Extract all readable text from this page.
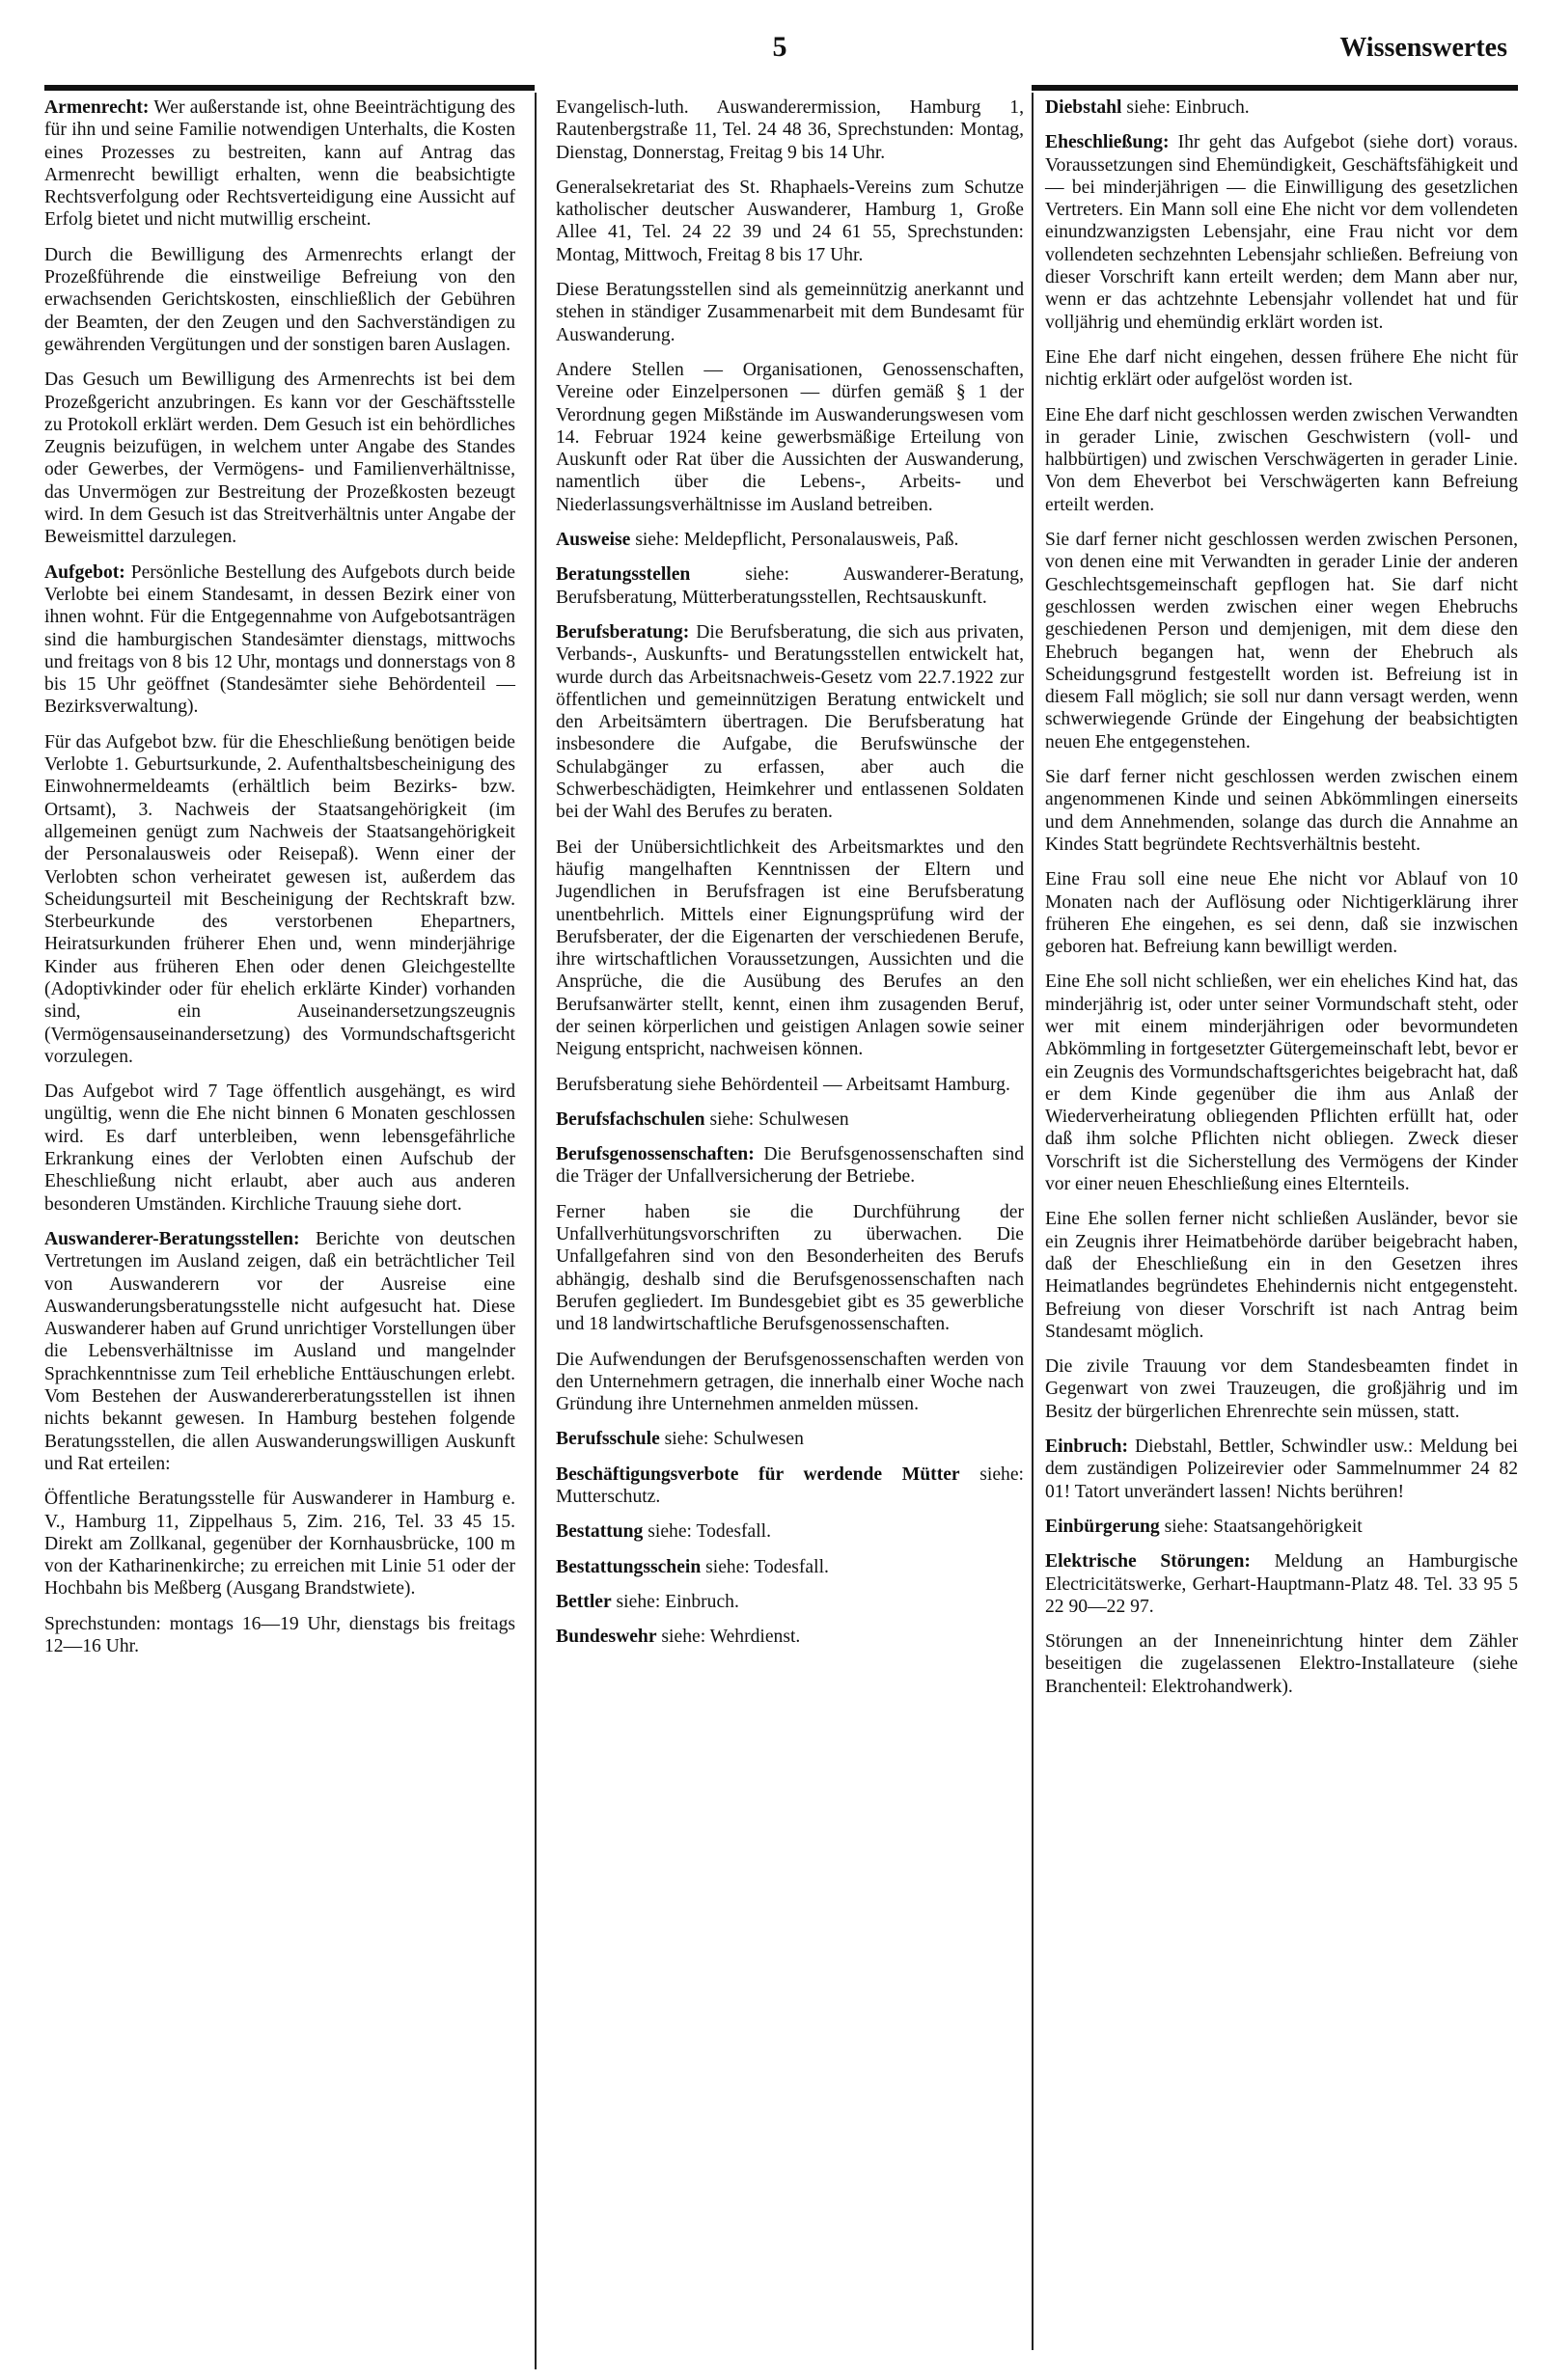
5	Wissenswertes

Armenrecht: Wer außerstande ist, ohne Beeinträchtigung des für ihn und seine Familie notwendigen Unterhalts, die Kosten eines Prozesses zu bestreiten, kann auf Antrag das Armenrecht bewilligt erhalten, wenn die beabsichtigte Rechtsverfolgung oder Rechtsverteidigung eine Aussicht auf Erfolg bietet und nicht mutwillig erscheint.

Durch die Bewilligung des Armenrechts erlangt der Prozeßführende die einstweilige Befreiung von den erwachsenden Gerichtskosten, einschließlich der Gebühren der Beamten, der den Zeugen und den Sachverständigen zu gewährenden Vergütungen und der sonstigen baren Auslagen.

Das Gesuch um Bewilligung des Armenrechts ist bei dem Prozeßgericht anzubringen. Es kann vor der Geschäftsstelle zu Protokoll erklärt werden. Dem Gesuch ist ein behördliches Zeugnis beizufügen, in welchem unter Angabe des Standes oder Gewerbes, der Vermögens- und Familienverhältnisse, das Unvermögen zur Bestreitung der Prozeßkosten bezeugt wird. In dem Gesuch ist das Streitverhältnis unter Angabe der Beweismittel darzulegen.

Aufgebot: Persönliche Bestellung des Aufgebots durch beide Verlobte bei einem Standesamt, in dessen Bezirk einer von ihnen wohnt. Für die Entgegennahme von Aufgebotsanträgen sind die hamburgischen Standesämter dienstags, mittwochs und freitags von 8 bis 12 Uhr, montags und donnerstags von 8 bis 15 Uhr geöffnet (Standesämter siehe Behördenteil — Bezirksverwaltung).

Für das Aufgebot bzw. für die Eheschließung benötigen beide Verlobte 1. Geburtsurkunde, 2. Aufenthaltsbescheinigung des Einwohnermeldeamts (erhältlich beim Bezirks- bzw. Ortsamt), 3. Nachweis der Staatsangehörigkeit (im allgemeinen genügt zum Nachweis der Staatsangehörigkeit der Personalausweis oder Reisepaß). Wenn einer der Verlobten schon verheiratet gewesen ist, außerdem das Scheidungsurteil mit Bescheinigung der Rechtskraft bzw. Sterbeurkunde des verstorbenen Ehepartners, Heiratsurkunden früherer Ehen und, wenn minderjährige Kinder aus früheren Ehen oder denen Gleichgestellte (Adoptivkinder oder für ehelich erklärte Kinder) vorhanden sind, ein Auseinandersetzungszeugnis (Vermögensauseinandersetzung) des Vormundschaftsgericht vorzulegen.

Das Aufgebot wird 7 Tage öffentlich ausgehängt, es wird ungültig, wenn die Ehe nicht binnen 6 Monaten geschlossen wird. Es darf unterbleiben, wenn lebensgefährliche Erkrankung eines der Verlobten einen Aufschub der Eheschließung nicht erlaubt, aber auch aus anderen besonderen Umständen. Kirchliche Trauung siehe dort.

Auswanderer-Beratungsstellen: Berichte von deutschen Vertretungen im Ausland zeigen, daß ein beträchtlicher Teil von Auswanderern vor der Ausreise eine Auswanderungsberatungsstelle nicht aufgesucht hat. Diese Auswanderer haben auf Grund unrichtiger Vorstellungen über die Lebensverhältnisse im Ausland und mangelnder Sprachkenntnisse zum Teil erhebliche Enttäuschungen erlebt. Vom Bestehen der Auswandererberatungsstellen ist ihnen nichts bekannt gewesen. In Hamburg bestehen folgende Beratungsstellen, die allen Auswanderungswilligen Auskunft und Rat erteilen:

Öffentliche Beratungsstelle für Auswanderer in Hamburg e. V., Hamburg 11, Zippelhaus 5, Zim. 216, Tel. 33 45 15. Direkt am Zollkanal, gegenüber der Kornhausbrücke, 100 m von der Katharinenkirche; zu erreichen mit Linie 51 oder der Hochbahn bis Meßberg (Ausgang Brandstwiete).

Sprechstunden: montags 16—19 Uhr, dienstags bis freitags 12—16 Uhr.

Evangelisch-luth. Auswanderermission, Hamburg 1, Rautenbergstraße 11, Tel. 24 48 36, Sprechstunden: Montag, Dienstag, Donnerstag, Freitag 9 bis 14 Uhr.

Generalsekretariat des St. Rhaphaels-Vereins zum Schutze katholischer deutscher Auswanderer, Hamburg 1, Große Allee 41, Tel. 24 22 39 und 24 61 55, Sprechstunden: Montag, Mittwoch, Freitag 8 bis 17 Uhr.

Diese Beratungsstellen sind als gemeinnützig anerkannt und stehen in ständiger Zusammenarbeit mit dem Bundesamt für Auswanderung.

Andere Stellen — Organisationen, Genossenschaften, Vereine oder Einzelpersonen — dürfen gemäß § 1 der Verordnung gegen Mißstände im Auswanderungswesen vom 14. Februar 1924 keine gewerbsmäßige Erteilung von Auskunft oder Rat über die Aussichten der Auswanderung, namentlich über die Lebens-, Arbeits- und Niederlassungsverhältnisse im Ausland betreiben.

Ausweise siehe: Meldepflicht, Personalausweis, Paß.

Beratungsstellen siehe: Auswanderer-Beratung, Berufsberatung, Mütterberatungsstellen, Rechtsauskunft.

Berufsberatung: Die Berufsberatung, die sich aus privaten, Verbands-, Auskunfts- und Beratungsstellen entwickelt hat, wurde durch das Arbeitsnachweis-Gesetz vom 22.7.1922 zur öffentlichen und gemeinnützigen Beratung entwickelt und den Arbeitsämtern übertragen. Die Berufsberatung hat insbesondere die Aufgabe, die Berufswünsche der Schulabgänger zu erfassen, aber auch die Schwerbeschädigten, Heimkehrer und entlassenen Soldaten bei der Wahl des Berufes zu beraten.

Bei der Unübersichtlichkeit des Arbeitsmarktes und den häufig mangelhaften Kenntnissen der Eltern und Jugendlichen in Berufsfragen ist eine Berufsberatung unentbehrlich. Mittels einer Eignungsprüfung wird der Berufsberater, der die Eigenarten der verschiedenen Berufe, ihre wirtschaftlichen Voraussetzungen, Aussichten und die Ansprüche, die die Ausübung des Berufes an den Berufsanwärter stellt, kennt, einen ihm zusagenden Beruf, der seinen körperlichen und geistigen Anlagen sowie seiner Neigung entspricht, nachweisen können.

Berufsberatung siehe Behördenteil — Arbeitsamt Hamburg.

Berufsfachschulen siehe: Schulwesen

Berufsgenossenschaften: Die Berufsgenossenschaften sind die Träger der Unfallversicherung der Betriebe.

Ferner haben sie die Durchführung der Unfallverhütungsvorschriften zu überwachen. Die Unfallgefahren sind von den Besonderheiten des Berufs abhängig, deshalb sind die Berufsgenossenschaften nach Berufen gegliedert. Im Bundesgebiet gibt es 35 gewerbliche und 18 landwirtschaftliche Berufsgenossenschaften.

Die Aufwendungen der Berufsgenossenschaften werden von den Unternehmern getragen, die innerhalb einer Woche nach Gründung ihre Unternehmen anmelden müssen.

Berufsschule siehe: Schulwesen

Beschäftigungsverbote für werdende Mütter siehe: Mutterschutz.

Bestattung siehe: Todesfall.

Bestattungsschein siehe: Todesfall.

Bettler siehe: Einbruch.

Bundeswehr siehe: Wehrdienst.

Diebstahl siehe: Einbruch.

Eheschließung: Ihr geht das Aufgebot (siehe dort) voraus. Voraussetzungen sind Ehemündigkeit, Geschäftsfähigkeit und — bei minderjährigen — die Einwilligung des gesetzlichen Vertreters. Ein Mann soll eine Ehe nicht vor dem vollendeten einundzwanzigsten Lebensjahr, eine Frau nicht vor dem vollendeten sechzehnten Lebensjahr schließen. Befreiung von dieser Vorschrift kann erteilt werden; dem Mann aber nur, wenn er das achtzehnte Lebensjahr vollendet hat und für volljährig und ehemündig erklärt worden ist.

Eine Ehe darf nicht eingehen, dessen frühere Ehe nicht für nichtig erklärt oder aufgelöst worden ist.

Eine Ehe darf nicht geschlossen werden zwischen Verwandten in gerader Linie, zwischen Geschwistern (voll- und halbbürtigen) und zwischen Verschwägerten in gerader Linie. Von dem Eheverbot bei Verschwägerten kann Befreiung erteilt werden.

Sie darf ferner nicht geschlossen werden zwischen Personen, von denen eine mit Verwandten in gerader Linie der anderen Geschlechtsgemeinschaft gepflogen hat. Sie darf nicht geschlossen werden zwischen einer wegen Ehebruchs geschiedenen Person und demjenigen, mit dem diese den Ehebruch begangen hat, wenn der Ehebruch als Scheidungsgrund festgestellt worden ist. Befreiung ist in diesem Fall möglich; sie soll nur dann versagt werden, wenn schwerwiegende Gründe der Eingehung der beabsichtigten neuen Ehe entgegenstehen.

Sie darf ferner nicht geschlossen werden zwischen einem angenommenen Kinde und seinen Abkömmlingen einerseits und dem Annehmenden, solange das durch die Annahme an Kindes Statt begründete Rechtsverhältnis besteht.

Eine Frau soll eine neue Ehe nicht vor Ablauf von 10 Monaten nach der Auflösung oder Nichtigerklärung ihrer früheren Ehe eingehen, es sei denn, daß sie inzwischen geboren hat. Befreiung kann bewilligt werden.

Eine Ehe soll nicht schließen, wer ein eheliches Kind hat, das minderjährig ist, oder unter seiner Vormundschaft steht, oder wer mit einem minderjährigen oder bevormundeten Abkömmling in fortgesetzter Gütergemeinschaft lebt, bevor er ein Zeugnis des Vormundschaftsgerichtes beigebracht hat, daß er dem Kinde gegenüber die ihm aus Anlaß der Wiederverheiratung obliegenden Pflichten erfüllt hat, oder daß ihm solche Pflichten nicht obliegen. Zweck dieser Vorschrift ist die Sicherstellung des Vermögens der Kinder vor einer neuen Eheschließung eines Elternteils.

Eine Ehe sollen ferner nicht schließen Ausländer, bevor sie ein Zeugnis ihrer Heimatbehörde darüber beigebracht haben, daß der Eheschließung ein in den Gesetzen ihres Heimatlandes begründetes Ehehindernis nicht entgegensteht. Befreiung von dieser Vorschrift ist nach Antrag beim Standesamt möglich.

Die zivile Trauung vor dem Standesbeamten findet in Gegenwart von zwei Trauzeugen, die großjährig und im Besitz der bürgerlichen Ehrenrechte sein müssen, statt.

Einbruch: Diebstahl, Bettler, Schwindler usw.: Meldung bei dem zuständigen Polizeirevier oder Sammelnummer 24 82 01! Tatort unverändert lassen! Nichts berühren!

Einbürgerung siehe: Staatsangehörigkeit

Elektrische Störungen: Meldung an Hamburgische Electricitätswerke, Gerhart-Hauptmann-Platz 48. Tel. 33 95 5 22 90—22 97.

Störungen an der Inneneinrichtung hinter dem Zähler beseitigen die zugelassenen Elektro-Installateure (siehe Branchenteil: Elektrohandwerk).
